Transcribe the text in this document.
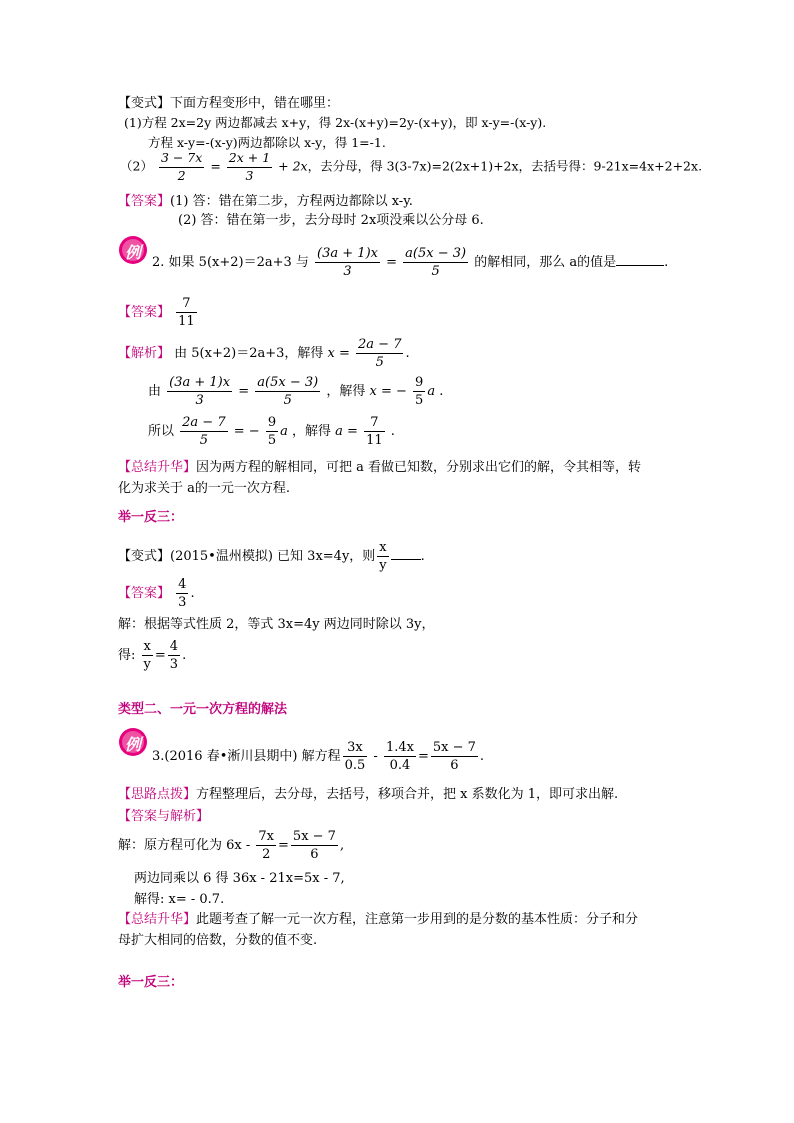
【变式】下面方程变形中，错在哪里：
(1)方程 2x=2y 两边都减去 x+y，得 2x-(x+y)=2y-(x+y)，即 x-y=-(x-y).
方程 x-y=-(x-y)两边都除以 x-y，得 1=-1.
$(2) \frac{3 - 7x}{2} = \frac{2x + 1}{3} + 2x$，去分母，得 3(3-7x)=2(2x+1)+2x，去括号得：9-21x=4x+2+2x.
【答案】(1) 答：错在第二步，方程两边都除以 x-y.
(2) 答：错在第一步，去分母时 2x项没乘以公分母 6.
例
2. 如果 5(x+2)＝2a+3 与 $\frac{(3a + 1)x}{3} = \frac{a(5x - 3)}{5}$ 的解相同，那么 a的值是	.
【答案】 $\frac{7}{11}$
【解析】 由 5(x+2)＝2a+3，解得 $x = \frac{2a - 7}{5}$ .
由 $\frac{(3a + 1)x}{3} = \frac{a(5x - 3)}{5}$ ，解得 x = − $\frac{9}{5}$ a .
所以 $\frac{2a - 7}{5}$ = − $\frac{9}{5}$ a ，解得 $a = \frac{7}{11}$ .
【总结升华】因为两方程的解相同，可把 a 看做已知数，分别求出它们的解，令其相等，转
化为求关于 a的一元一次方程.
举一反三：
【变式】(2015•温州模拟) 已知 3x=4y，则 $\frac{x}{y}$ .
【答案】 $\frac{4}{3}$ .
解：根据等式性质 2，等式 3x=4y 两边同时除以 3y，
得: $\frac{x}{y} = \frac{4}{3}$ .
类型二、一元一次方程的解法
例
3.(2016 春•淅川县期中) 解方程 $\frac{3x}{0.5} - \frac{1.4x}{0.4} = \frac{5x - 7}{6}$ .
【思路点拨】方程整理后，去分母，去括号，移项合并，把 x 系数化为 1，即可求出解.
【答案与解析】
解：原方程可化为 $6x - \frac{7x}{2} = \frac{5x - 7}{6}$ ,
两边同乘以 6 得 36x - 21x=5x - 7,
解得: x= - 0.7.
【总结升华】此题考查了解一元一次方程，注意第一步用到的是分数的基本性质：分子和分
母扩大相同的倍数，分数的值不变.
举一反三：
